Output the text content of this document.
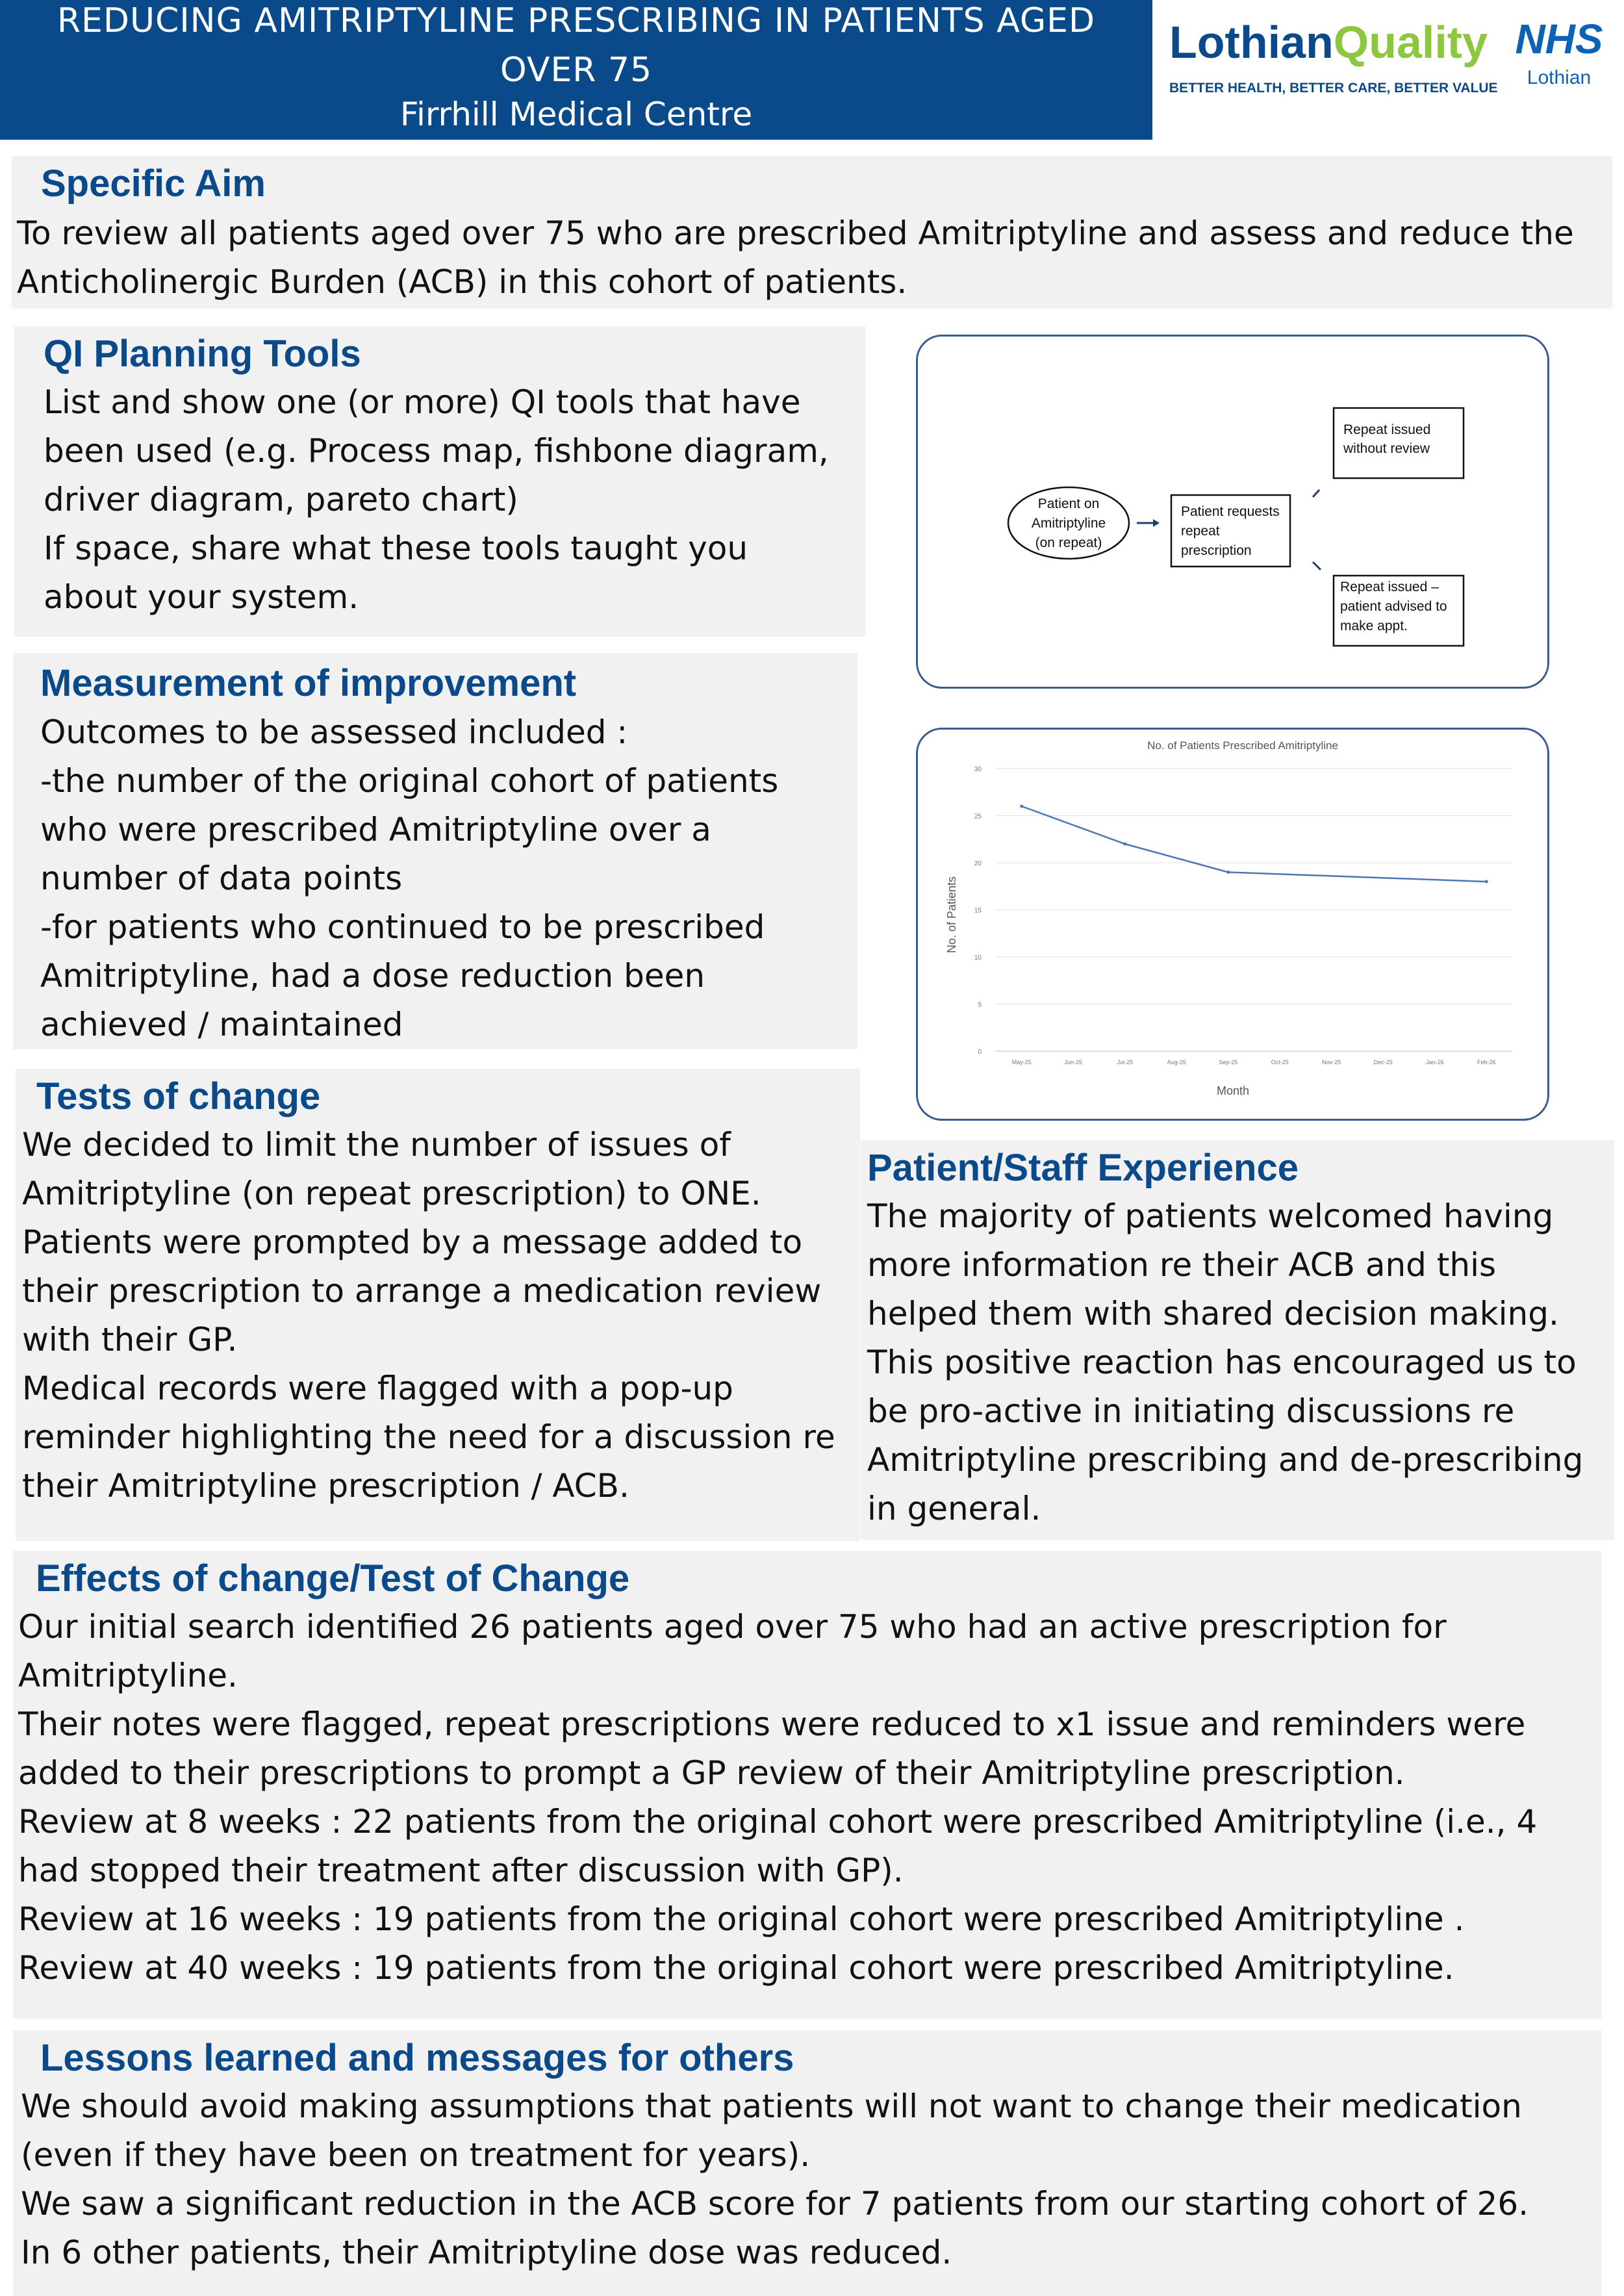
REDUCING AMITRIPTYLINE PRESCRIBING IN PATIENTS AGED
OVER 75
Firrhill Medical Centre
LothianQuality
BETTER HEALTH, BETTER CARE, BETTER VALUE
NHS
Lothian
Specific Aim
To review all patients aged over 75 who are prescribed Amitriptyline and assess and reduce the
Anticholinergic Burden (ACB) in this cohort of patients.
QI Planning Tools
List and show one (or more) QI tools that have
been used (e.g. Process map, fishbone diagram,
driver diagram, pareto chart)
If space, share what these tools taught you
about your system.
Patient on
Amitriptyline
(on repeat)
Patient requests
repeat
prescription
Repeat issued
without review
Repeat issued –
patient advised to
make appt.
Measurement of improvement
Outcomes to be assessed included :
-the number of the original cohort of patients
who were prescribed Amitriptyline over a
number of data points
-for patients who continued to be prescribed
Amitriptyline, had a dose reduction been
achieved / maintained
No. of Patients Prescribed Amitriptyline
Month
No. of Patients
0
5
10
15
20
25
30
May-25	Jun-25	Jul-25	Aug-25	Sep-25	Oct-25	Nov-25	Dec-25	Jan-26	Feb-26
Tests of change
We decided to limit the number of issues of
Amitriptyline (on repeat prescription) to ONE.
Patients were prompted by a message added to
their prescription to arrange a medication review
with their GP.
Medical records were flagged with a pop-up
reminder highlighting the need for a discussion re
their Amitriptyline prescription / ACB.
Patient/Staff Experience
The majority of patients welcomed having
more information re their ACB and this
helped them with shared decision making.
This positive reaction has encouraged us to
be pro-active in initiating discussions re
Amitriptyline prescribing and de-prescribing
in general.
Effects of change/Test of Change
Our initial search identified 26 patients aged over 75 who had an active prescription for
Amitriptyline.
Their notes were flagged, repeat prescriptions were reduced to x1 issue and reminders were
added to their prescriptions to prompt a GP review of their Amitriptyline prescription.
Review at 8 weeks : 22 patients from the original cohort were prescribed Amitriptyline (i.e., 4
had stopped their treatment after discussion with GP).
Review at 16 weeks : 19 patients from the original cohort were prescribed Amitriptyline .
Review at 40 weeks : 19 patients from the original cohort were prescribed Amitriptyline.
Lessons learned and messages for others
We should avoid making assumptions that patients will not want to change their medication
(even if they have been on treatment for years).
We saw a significant reduction in the ACB score for 7 patients from our starting cohort of 26.
In 6 other patients, their Amitriptyline dose was reduced.
